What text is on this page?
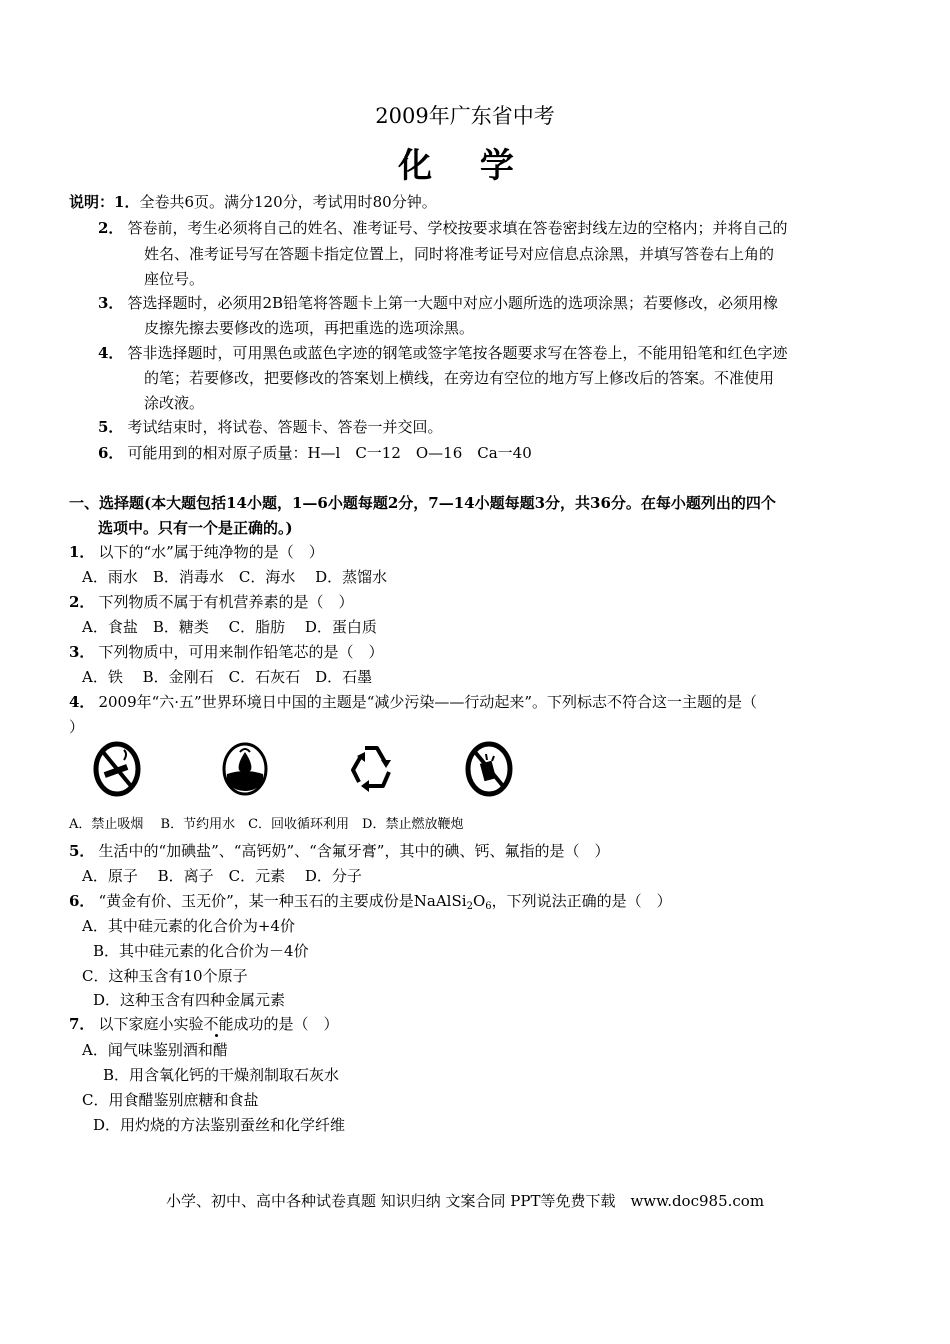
2009年广东省中考
化 学
说明：1．全卷共6页。满分120分，考试用时80分钟。
2． 答卷前，考生必须将自己的姓名、准考证号、学校按要求填在答卷密封线左边的空格内；并将自己的
姓名、准考证号写在答题卡指定位置上，同时将准考证号对应信息点涂黑，并填写答卷右上角的
座位号。
3． 答选择题时，必须用2B铅笔将答题卡上第一大题中对应小题所选的选项涂黑；若要修改，必须用橡
皮擦先擦去要修改的选项，再把重选的选项涂黑。
4． 答非选择题时，可用黑色或蓝色字迹的钢笔或签字笔按各题要求写在答卷上，不能用铅笔和红色字迹
的笔；若要修改，把要修改的答案划上横线，在旁边有空位的地方写上修改后的答案。不准使用
涂改液。
5． 考试结束时，将试卷、答题卡、答卷一并交回。
6． 可能用到的相对原子质量：H—l　C一12　O—16　Ca一40
一、选择题(本大题包括14小题，1—6小题每题2分，7—14小题每题3分，共36分。在每小题列出的四个
选项中。只有一个是正确的。)
1． 以下的“水”属于纯净物的是（　）
A．雨水　B．消毒水　C．海水　 D．蒸馏水
2． 下列物质不属于有机营养素的是（　）
A．食盐　B．糖类　 C．脂肪　 D．蛋白质
3． 下列物质中，可用来制作铅笔芯的是（　）
A．铁　 B．金刚石　C．石灰石　D．石墨
4． 2009年“六·五”世界环境日中国的主题是“减少污染——行动起来”。下列标志不符合这一主题的是（
）
A．禁止吸烟　 B．节约用水　C．回收循环利用　D．禁止燃放鞭炮
5． 生活中的“加碘盐”、“高钙奶”、“含氟牙膏”，其中的碘、钙、氟指的是（　）
A．原子　 B．离子　C．元素　 D．分子
6． “黄金有价、玉无价”，某一种玉石的主要成份是$NaAlSi_2O_6$，下列说法正确的是（　）
A．其中硅元素的化合价为+4价
B．其中硅元素的化合价为－4价
C．这种玉含有10个原子
D．这种玉含有四种金属元素
7． 以下家庭小实验不能成功的是（　）
A．闻气味鉴别酒和醋
B．用含氧化钙的干燥剂制取石灰水
C．用食醋鉴别庶糖和食盐
D．用灼烧的方法鉴别蚕丝和化学纤维
小学、初中、高中各种试卷真题 知识归纳 文案合同 PPT等免费下载　www.doc985.com
